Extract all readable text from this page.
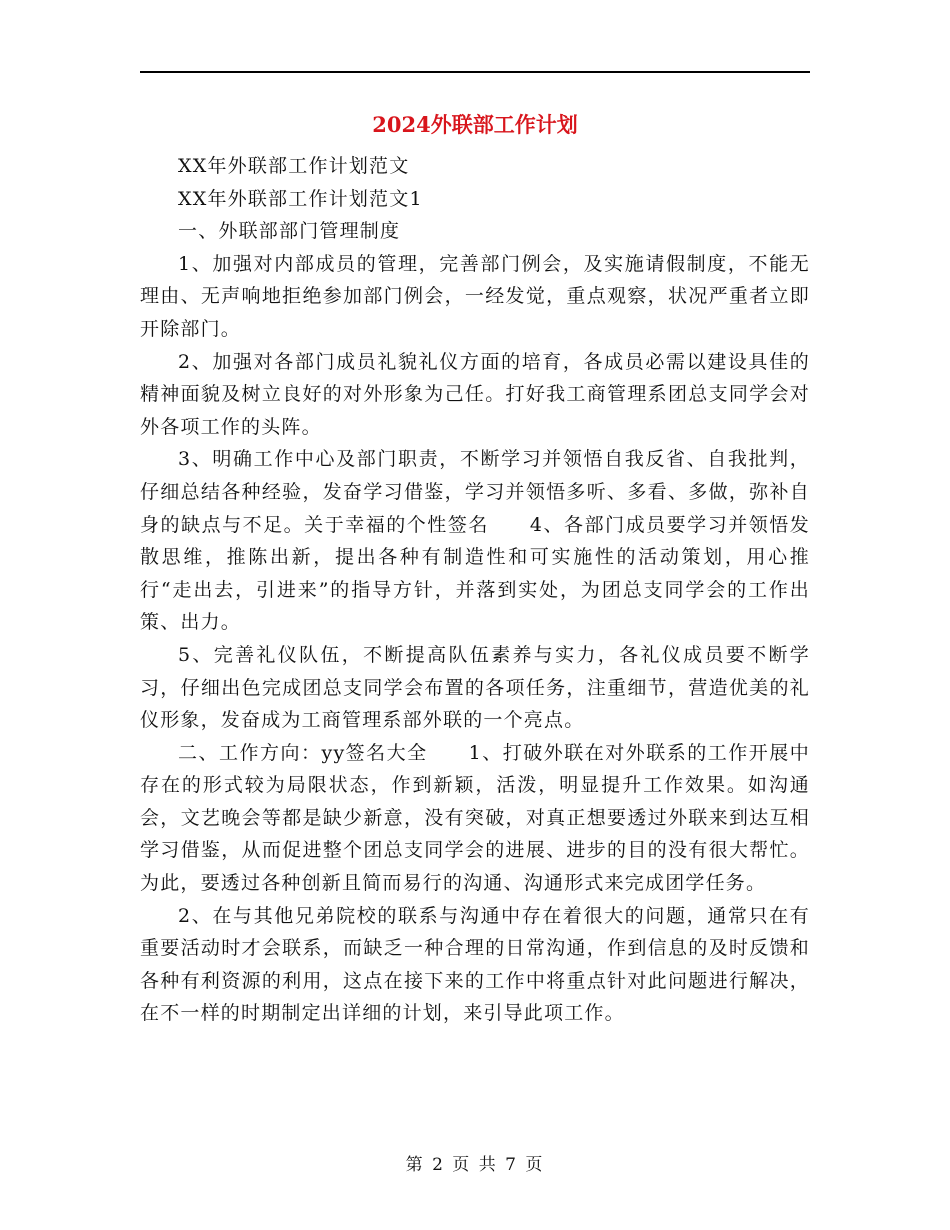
2024外联部工作计划

XX年外联部工作计划范文

XX年外联部工作计划范文1

一、外联部部门管理制度

1、加强对内部成员的管理，完善部门例会，及实施请假制度，不能无理由、无声响地拒绝参加部门例会，一经发觉，重点观察，状况严重者立即开除部门。

2、加强对各部门成员礼貌礼仪方面的培育，各成员必需以建设具佳的精神面貌及树立良好的对外形象为己任。打好我工商管理系团总支同学会对外各项工作的头阵。

3、明确工作中心及部门职责，不断学习并领悟自我反省、自我批判，仔细总结各种经验，发奋学习借鉴，学习并领悟多听、多看、多做，弥补自身的缺点与不足。关于幸福的个性签名　　4、各部门成员要学习并领悟发散思维，推陈出新，提出各种有制造性和可实施性的活动策划，用心推行“走出去，引进来”的指导方针，并落到实处，为团总支同学会的工作出策、出力。

5、完善礼仪队伍，不断提高队伍素养与实力，各礼仪成员要不断学习，仔细出色完成团总支同学会布置的各项任务，注重细节，营造优美的礼仪形象，发奋成为工商管理系部外联的一个亮点。

二、工作方向：yy签名大全　　1、打破外联在对外联系的工作开展中存在的形式较为局限状态，作到新颖，活泼，明显提升工作效果。如沟通会，文艺晚会等都是缺少新意，没有突破，对真正想要透过外联来到达互相学习借鉴，从而促进整个团总支同学会的进展、进步的目的没有很大帮忙。为此，要透过各种创新且简而易行的沟通、沟通形式来完成团学任务。

2、在与其他兄弟院校的联系与沟通中存在着很大的问题，通常只在有重要活动时才会联系，而缺乏一种合理的日常沟通，作到信息的及时反馈和各种有利资源的利用，这点在接下来的工作中将重点针对此问题进行解决，在不一样的时期制定出详细的计划，来引导此项工作。

第 2 页 共 7 页
